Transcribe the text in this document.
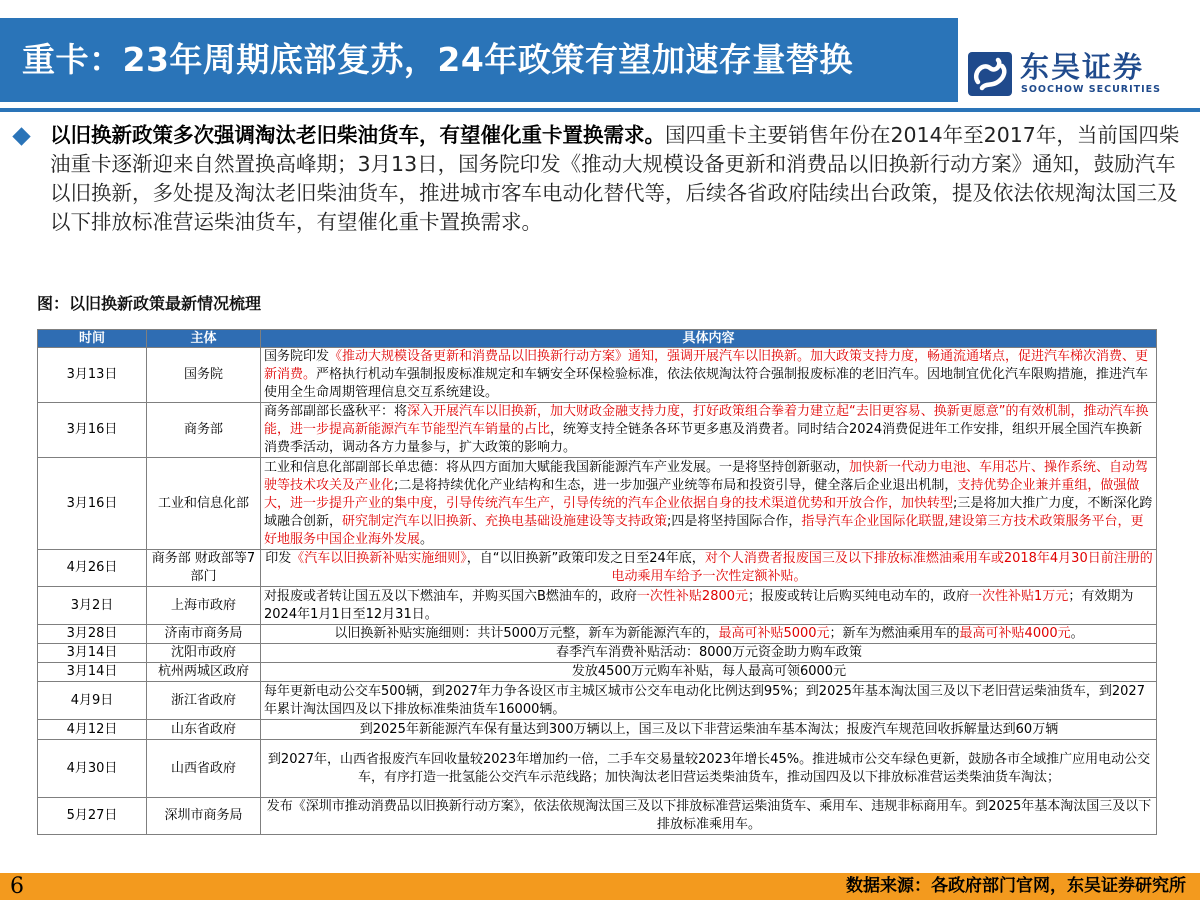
重卡：23年周期底部复苏，24年政策有望加速存量替换	东吴证券
SOOCHOW SECURITIES
以旧换新政策多次强调淘汰老旧柴油货车，有望催化重卡置换需求。国四重卡主要销售年份在2014年至2017年，当前国四柴油重卡逐渐迎来自然置换高峰期；3月13日，国务院印发《推动大规模设备更新和消费品以旧换新行动方案》通知，鼓励汽车以旧换新，多处提及淘汰老旧柴油货车，推进城市客车电动化替代等，后续各省政府陆续出台政策，提及依法依规淘汰国三及以下排放标准营运柴油货车，有望催化重卡置换需求。
图：以旧换新政策最新情况梳理
时间	主体	具体内容
3月13日	国务院	国务院印发《推动大规模设备更新和消费品以旧换新行动方案》通知，强调开展汽车以旧换新。加大政策支持力度，畅通流通堵点，促进汽车梯次消费、更新消费。严格执行机动车强制报废标准规定和车辆安全环保检验标准，依法依规淘汰符合强制报废标准的老旧汽车。因地制宜优化汽车限购措施，推进汽车使用全生命周期管理信息交互系统建设。
3月16日	商务部	商务部副部长盛秋平：将深入开展汽车以旧换新，加大财政金融支持力度，打好政策组合拳着力建立起“去旧更容易、换新更愿意”的有效机制，推动汽车换能，进一步提高新能源汽车节能型汽车销量的占比，统筹支持全链条各环节更多惠及消费者。同时结合2024消费促进年工作安排，组织开展全国汽车换新消费季活动，调动各方力量参与，扩大政策的影响力。
3月16日	工业和信息化部	工业和信息化部副部长单忠德：将从四方面加大赋能我国新能源汽车产业发展。一是将坚持创新驱动，加快新一代动力电池、车用芯片、操作系统、自动驾驶等技术攻关及产业化;二是将持续优化产业结构和生态，进一步加强产业统等布局和投资引导，健全落后企业退出机制，支持优势企业兼并重组，做强做大，进一步提升产业的集中度，引导传统汽车生产，引导传统的汽车企业依据自身的技术渠道优势和开放合作，加快转型;三是将加大推广力度，不断深化跨域融合创新，研究制定汽车以旧换新、充换电基础设施建设等支持政策;四是将坚持国际合作，指导汽车企业国际化联盟,建设第三方技术政策服务平台，更好地服务中国企业海外发展。
4月26日	商务部 财政部等7部门	印发《汽车以旧换新补贴实施细则》，自“以旧换新”政策印发之日至24年底，对个人消费者报废国三及以下排放标准燃油乘用车或2018年4月30日前注册的电动乘用车给予一次性定额补贴。
3月2日	上海市政府	对报废或者转让国五及以下燃油车，并购买国六B燃油车的，政府一次性补贴2800元；报废或转让后购买纯电动车的，政府一次性补贴1万元；有效期为2024年1月1日至12月31日。
3月28日	济南市商务局	以旧换新补贴实施细则：共计5000万元整，新车为新能源汽车的，最高可补贴5000元；新车为燃油乘用车的最高可补贴4000元。
3月14日	沈阳市政府	春季汽车消费补贴活动：8000万元资金助力购车政策
3月14日	杭州两城区政府	发放4500万元购车补贴，每人最高可领6000元
4月9日	浙江省政府	每年更新电动公交车500辆，到2027年力争各设区市主城区城市公交车电动化比例达到95%；到2025年基本淘汰国三及以下老旧营运柴油货车，到2027年累计淘汰国四及以下排放标准柴油货车16000辆。
4月12日	山东省政府	到2025年新能源汽车保有量达到300万辆以上，国三及以下非营运柴油车基本淘汰；报废汽车规范回收拆解量达到60万辆
4月30日	山西省政府	到2027年，山西省报废汽车回收量较2023年增加约一倍，二手车交易量较2023年增长45%。推进城市公交车绿色更新，鼓励各市全域推广应用电动公交车，有序打造一批氢能公交汽车示范线路；加快淘汰老旧营运类柴油货车，推动国四及以下排放标准营运类柴油货车淘汰；
5月27日	深圳市商务局	发布《深圳市推动消费品以旧换新行动方案》，依法依规淘汰国三及以下排放标准营运柴油货车、乘用车、违规非标商用车。到2025年基本淘汰国三及以下排放标准乘用车。
6	数据来源：各政府部门官网，东吴证券研究所
